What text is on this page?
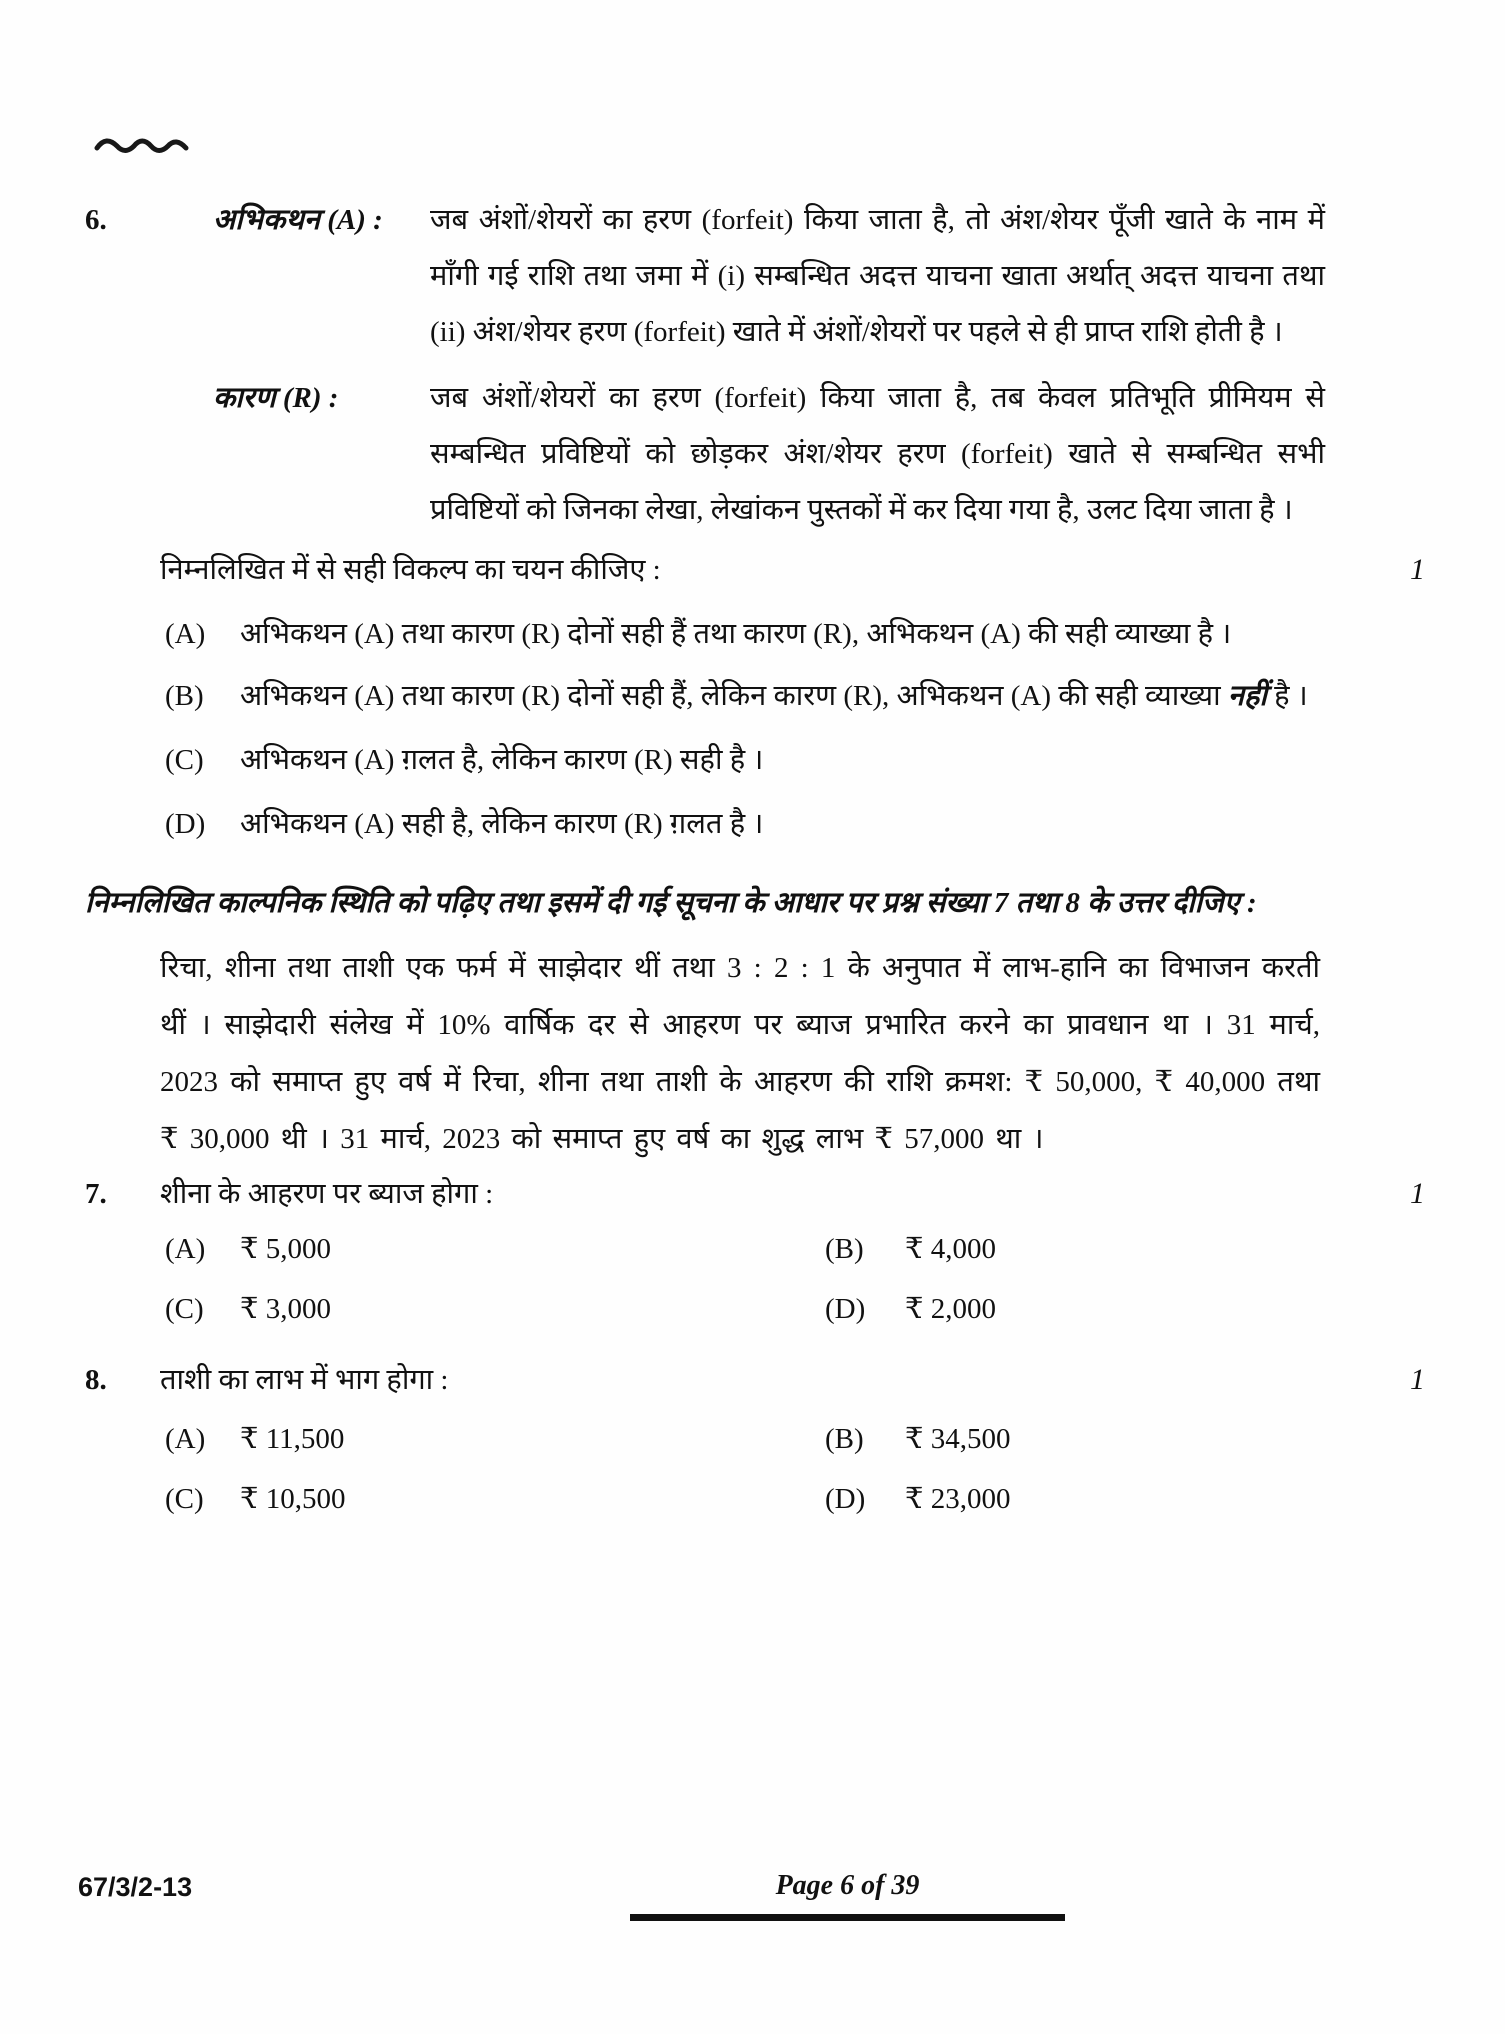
6.	अभिकथन (A) :	जब अंशों/शेयरों का हरण (forfeit) किया जाता है, तो अंश/शेयर पूँजी खाते के नाम में माँगी गई राशि तथा जमा में (i) सम्बन्धित अदत्त याचना खाता अर्थात् अदत्त याचना तथा (ii) अंश/शेयर हरण (forfeit) खाते में अंशों/शेयरों पर पहले से ही प्राप्त राशि होती है ।
कारण (R) :	जब अंशों/शेयरों का हरण (forfeit) किया जाता है, तब केवल प्रतिभूति प्रीमियम से सम्बन्धित प्रविष्टियों को छोड़कर अंश/शेयर हरण (forfeit) खाते से सम्बन्धित सभी प्रविष्टियों को जिनका लेखा, लेखांकन पुस्तकों में कर दिया गया है, उलट दिया जाता है ।
निम्नलिखित में से सही विकल्प का चयन कीजिए :	1
(A)	अभिकथन (A) तथा कारण (R) दोनों सही हैं तथा कारण (R), अभिकथन (A) की सही व्याख्या है ।
(B)	अभिकथन (A) तथा कारण (R) दोनों सही हैं, लेकिन कारण (R), अभिकथन (A) की सही व्याख्या नहीं है ।
(C)	अभिकथन (A) ग़लत है, लेकिन कारण (R) सही है ।
(D)	अभिकथन (A) सही है, लेकिन कारण (R) ग़लत है ।
निम्नलिखित काल्पनिक स्थिति को पढ़िए तथा इसमें दी गई सूचना के आधार पर प्रश्न संख्या 7 तथा 8 के उत्तर दीजिए :
रिचा, शीना तथा ताशी एक फर्म में साझेदार थीं तथा 3 : 2 : 1 के अनुपात में लाभ-हानि का विभाजन करती थीं । साझेदारी संलेख में 10% वार्षिक दर से आहरण पर ब्याज प्रभारित करने का प्रावधान था । 31 मार्च, 2023 को समाप्त हुए वर्ष में रिचा, शीना तथा ताशी के आहरण की राशि क्रमश: ₹ 50,000, ₹ 40,000 तथा ₹ 30,000 थी । 31 मार्च, 2023 को समाप्त हुए वर्ष का शुद्ध लाभ ₹ 57,000 था ।
7.	शीना के आहरण पर ब्याज होगा :	1
(A)	₹ 5,000	(B)	₹ 4,000
(C)	₹ 3,000	(D)	₹ 2,000
8.	ताशी का लाभ में भाग होगा :	1
(A)	₹ 11,500	(B)	₹ 34,500
(C)	₹ 10,500	(D)	₹ 23,000
67/3/2-13	Page 6 of 39
